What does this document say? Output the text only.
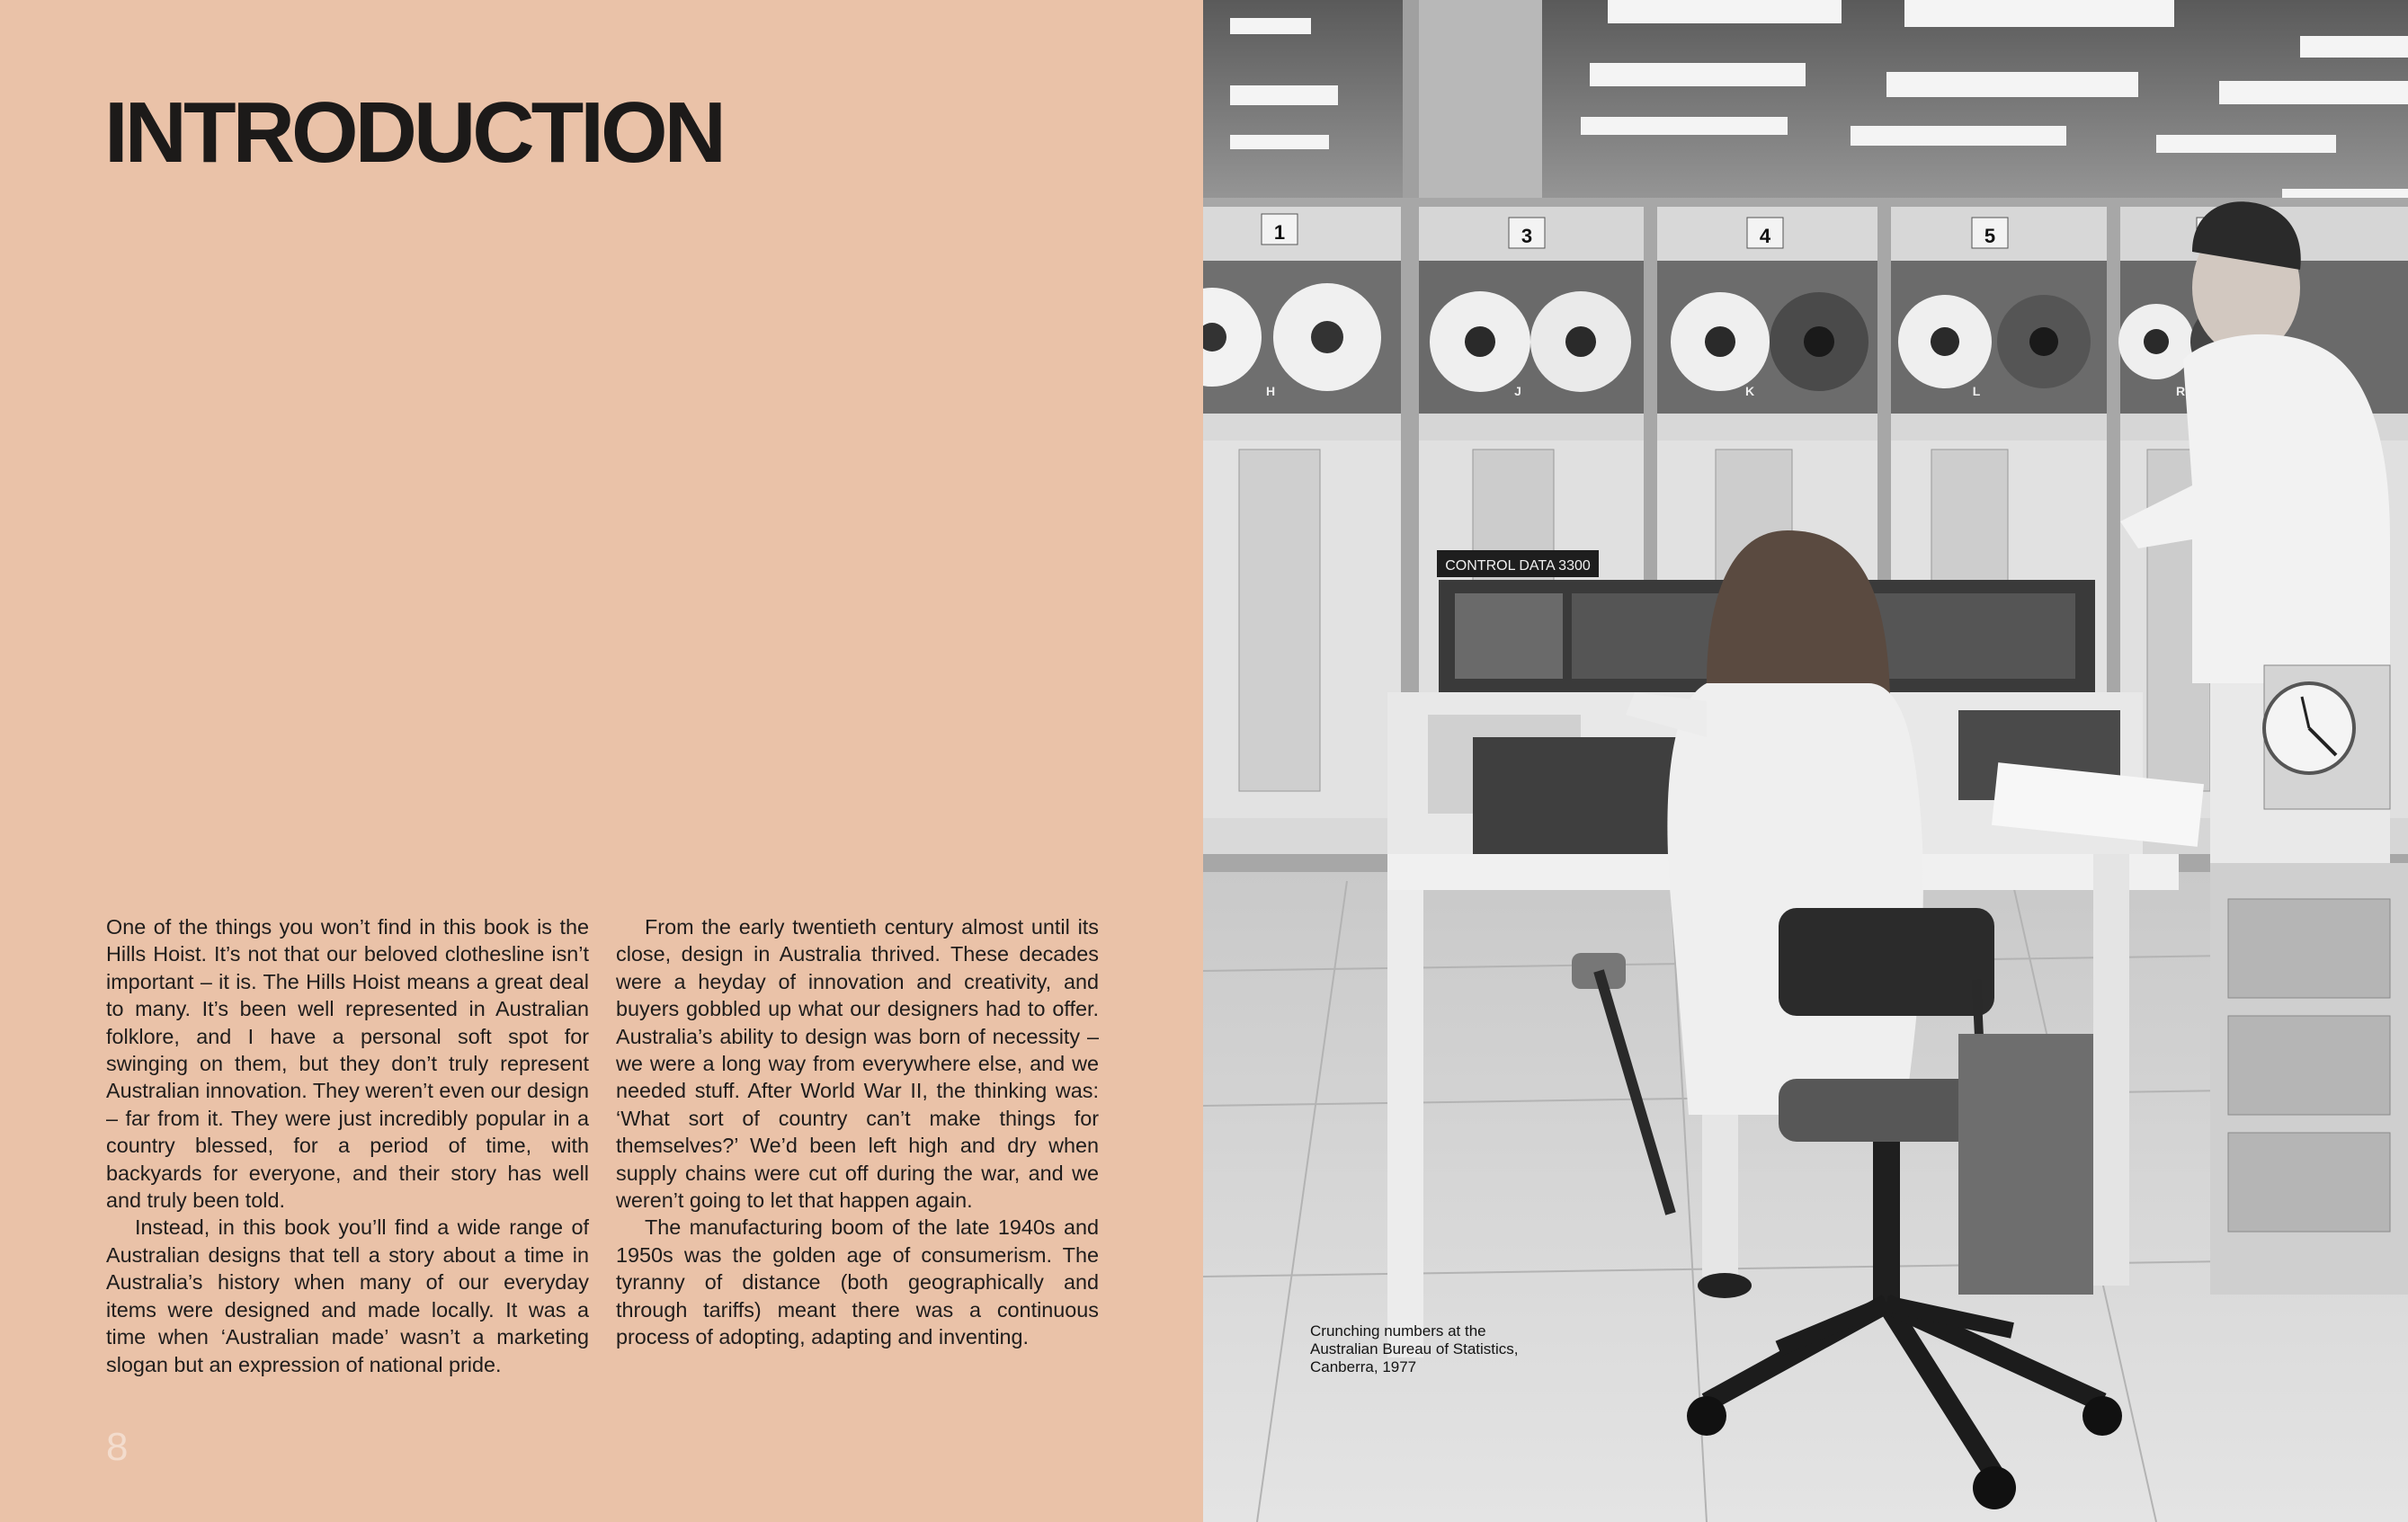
INTRODUCTION

One of the things you won’t find in this book is the Hills Hoist. It’s not that our beloved clothesline isn’t important – it is. The Hills Hoist means a great deal to many. It’s been well represented in Australian folklore, and I have a personal soft spot for swinging on them, but they don’t truly represent Australian innovation. They weren’t even our design – far from it. They were just incredibly popular in a country blessed, for a period of time, with backyards for everyone, and their story has well and truly been told.

Instead, in this book you’ll find a wide range of Australian designs that tell a story about a time in Australia’s history when many of our everyday items were designed and made locally. It was a time when ‘Australian made’ wasn’t a marketing slogan but an expression of national pride.

From the early twentieth century almost until its close, design in Australia thrived. These decades were a heyday of innovation and creativity, and buyers gobbled up what our designers had to offer. Australia’s ability to design was born of necessity – we were a long way from everywhere else, and we needed stuff. After World War II, the thinking was: ‘What sort of country can’t make things for themselves?’ We’d been left high and dry when supply chains were cut off during the war, and we weren’t going to let that happen again.

The manufacturing boom of the late 1940s and 1950s was the golden age of consumerism. The tyranny of distance (both geographically and through tariffs) meant there was a continuous process of adopting, adapting and inventing.

8
1	3	4	5
H	J	K	L	R
CONTROL DATA 3300
Crunching numbers at the Australian Bureau of Statistics, Canberra, 1977
